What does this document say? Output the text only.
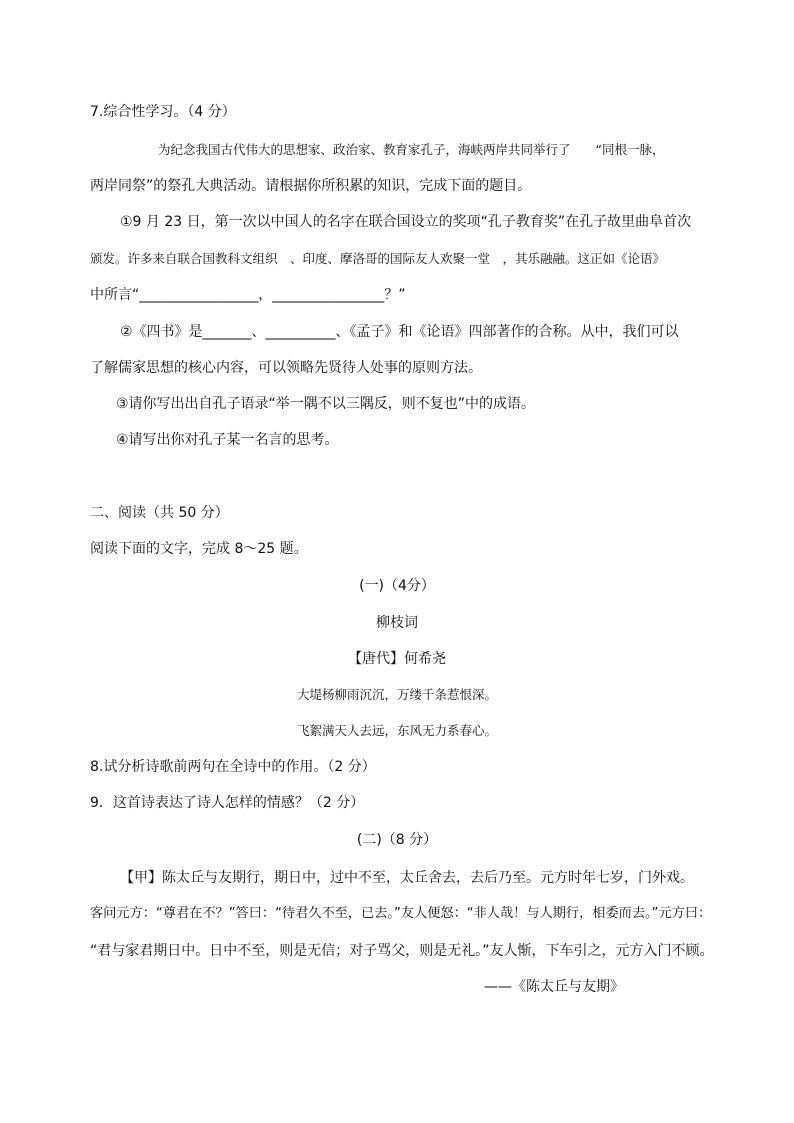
7.综合性学习。（4 分）
为纪念我国古代伟大的思想家、政治家、教育家孔子，海峡两岸共同举行了　　“同根一脉，
两岸同祭”的祭孔大典活动。请根据你所积累的知识，完成下面的题目。
①9 月 23 日，第一次以中国人的名字在联合国设立的奖项“孔子教育奖”在孔子故里曲阜首次
颁发。许多来自联合国教科文组织　、印度、摩洛哥的国际友人欢聚一堂　，其乐融融。这正如《论语》
中所言“_________________，________________？”
②《四书》是_______、__________、《孟子》和《论语》四部著作的合称。从中，我们可以
了解儒家思想的核心内容，可以领略先贤待人处事的原则方法。
③请你写出出自孔子语录“举一隅不以三隅反，则不复也”中的成语。
④请写出你对孔子某一名言的思考。
二、阅读（共 50 分）
阅读下面的文字，完成 8～25 题。
(一)（4分）
柳枝词
【唐代】何希尧
大堤杨柳雨沉沉，万缕千条惹恨深。
飞絮满天人去远，东风无力系春心。
8.试分析诗歌前两句在全诗中的作用。（2 分）
9．这首诗表达了诗人怎样的情感？（2 分）
(二)（8 分）
【甲】陈太丘与友期行，期日中，过中不至，太丘舍去，去后乃至。元方时年七岁，门外戏。
客问元方：“尊君在不？”答曰：“待君久不至，已去。”友人便怒：“非人哉！与人期行，相委而去。”元方曰：
“君与家君期日中。日中不至，则是无信；对子骂父，则是无礼。”友人惭，下车引之，元方入门不顾。
——《陈太丘与友期》
